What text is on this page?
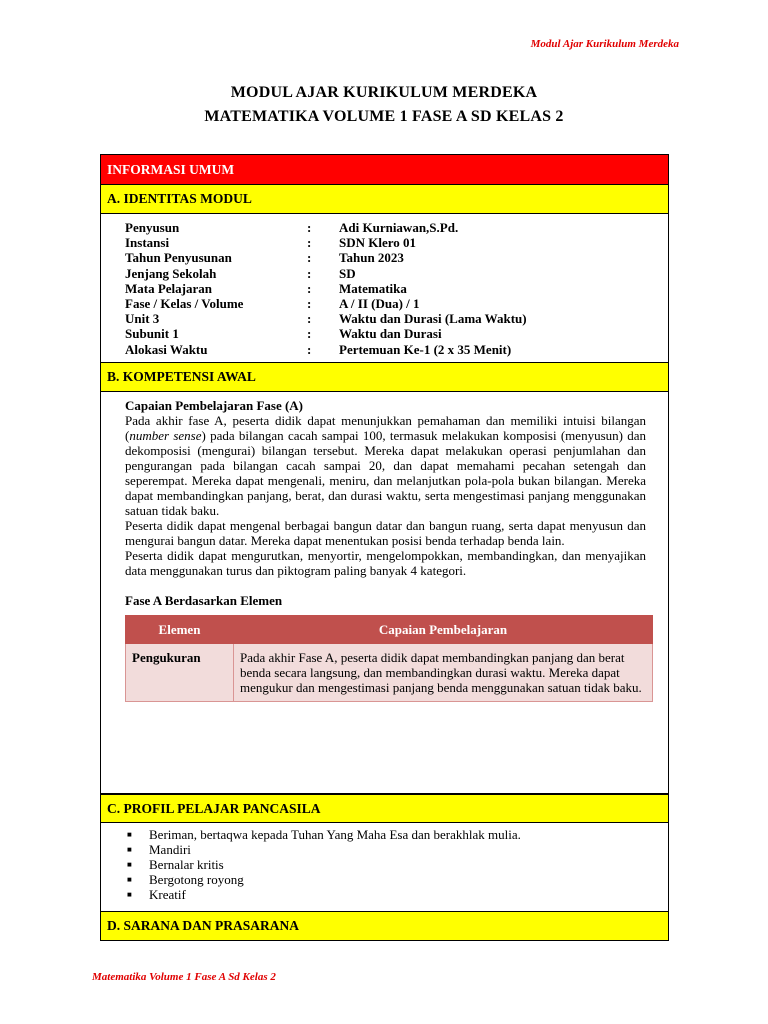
Modul Ajar Kurikulum Merdeka
MODUL AJAR KURIKULUM MERDEKA
MATEMATIKA VOLUME 1 FASE A SD KELAS 2
INFORMASI UMUM
A. IDENTITAS MODUL
Penyusun	:	Adi Kurniawan,S.Pd.
Instansi	:	SDN Klero 01
Tahun Penyusunan	:	Tahun 2023
Jenjang Sekolah	:	SD
Mata Pelajaran	:	Matematika
Fase / Kelas / Volume	:	A / II (Dua) / 1
Unit 3	:	Waktu dan Durasi (Lama Waktu)
Subunit 1	:	Waktu dan Durasi
Alokasi Waktu	:	Pertemuan Ke-1 (2 x 35 Menit)
B. KOMPETENSI AWAL
Capaian Pembelajaran Fase (A)

Pada akhir fase A, peserta didik dapat menunjukkan pemahaman dan memiliki intuisi bilangan (number sense) pada bilangan cacah sampai 100, termasuk melakukan komposisi (menyusun) dan dekomposisi (mengurai) bilangan tersebut. Mereka dapat melakukan operasi penjumlahan dan pengurangan pada bilangan cacah sampai 20, dan dapat memahami pecahan setengah dan seperempat. Mereka dapat mengenali, meniru, dan melanjutkan pola-pola bukan bilangan. Mereka dapat membandingkan panjang, berat, dan durasi waktu, serta mengestimasi panjang menggunakan satuan tidak baku.

Peserta didik dapat mengenal berbagai bangun datar dan bangun ruang, serta dapat menyusun dan mengurai bangun datar. Mereka dapat menentukan posisi benda terhadap benda lain.

Peserta didik dapat mengurutkan, menyortir, mengelompokkan, membandingkan, dan menyajikan data menggunakan turus dan piktogram paling banyak 4 kategori.

Fase A Berdasarkan Elemen
Elemen	Capaian Pembelajaran
Pengukuran	Pada akhir Fase A, peserta didik dapat membandingkan panjang dan berat benda secara langsung, dan membandingkan durasi waktu. Mereka dapat mengukur dan mengestimasi panjang benda menggunakan satuan tidak baku.
C. PROFIL PELAJAR PANCASILA
■	Beriman, bertaqwa kepada Tuhan Yang Maha Esa dan berakhlak mulia.
■	Mandiri
■	Bernalar kritis
■	Bergotong royong
■	Kreatif
D. SARANA DAN PRASARANA
Matematika Volume 1 Fase A Sd Kelas 2
